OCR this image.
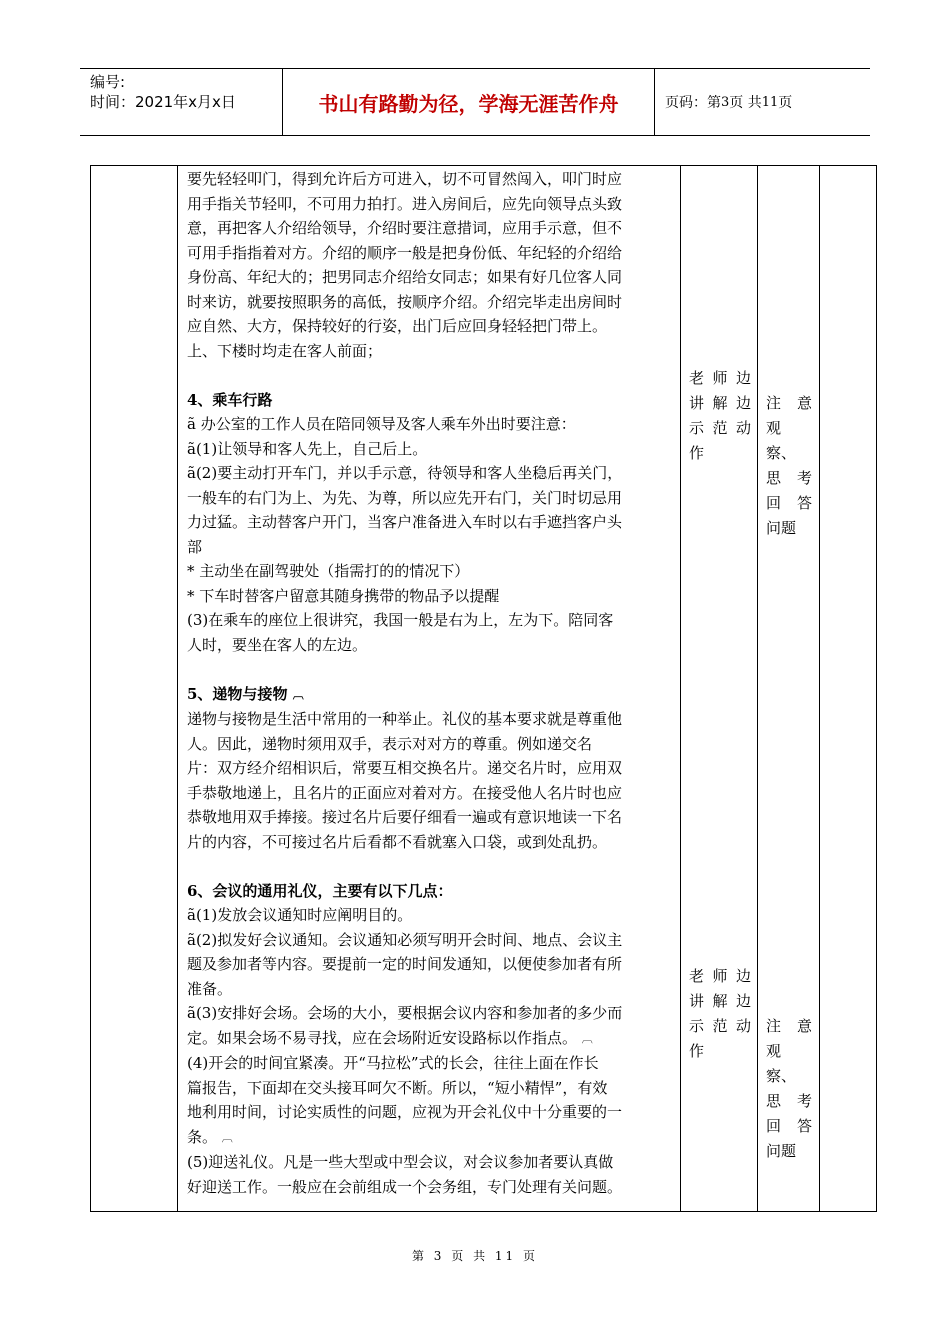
编号:
时间：2021年x月x日	书山有路勤为径，学海无涯苦作舟	页码：第 3 页 共 11 页

要先轻轻叩门，得到允许后方可进入，切不可冒然闯入，叩门时应

用手指关节轻叩，不可用力拍打。进入房间后，应先向领导点头致

意，再把客人介绍给领导，介绍时要注意措词，应用手示意，但不

可用手指指着对方。介绍的顺序一般是把身份低、年纪轻的介绍给

身份高、年纪大的；把男同志介绍给女同志；如果有好几位客人同

时来访，就要按照职务的高低，按顺序介绍。介绍完毕走出房间时

应自然、大方，保持较好的行姿，出门后应回身轻轻把门带上。

上、下楼时均走在客人前面；

4、乘车行路

ã 办公室的工作人员在陪同领导及客人乘车外出时要注意：

ã(1)让领导和客人先上，自己后上。

ã(2)要主动打开车门，并以手示意，待领导和客人坐稳后再关门，

一般车的右门为上、为先、为尊，所以应先开右门，关门时切忌用

力过猛。主动替客户开门，当客户准备进入车时以右手遮挡客户头

部

* 主动坐在副驾驶处（指需打的的情况下）

* 下车时替客户留意其随身携带的物品予以提醒

(3)在乘车的座位上很讲究，我国一般是右为上，左为下。陪同客

人时，要坐在客人的左边。

5、递物与接物 ︹

递物与接物是生活中常用的一种举止。礼仪的基本要求就是尊重他

人。因此，递物时须用双手，表示对对方的尊重。例如递交名

片：双方经介绍相识后，常要互相交换名片。递交名片时，应用双

手恭敬地递上，且名片的正面应对着对方。在接受他人名片时也应

恭敬地用双手捧接。接过名片后要仔细看一遍或有意识地读一下名

片的内容，不可接过名片后看都不看就塞入口袋，或到处乱扔。

6、会议的通用礼仪，主要有以下几点：

ã(1)发放会议通知时应阐明目的。

ã(2)拟发好会议通知。会议通知必须写明开会时间、地点、会议主

题及参加者等内容。要提前一定的时间发通知，以便使参加者有所

准备。

ã(3)安排好会场。会场的大小，要根据会议内容和参加者的多少而

定。如果会场不易寻找，应在会场附近安设路标以作指点。 ︹

(4)开会的时间宜紧凑。开“马拉松”式的长会，往往上面在作长

篇报告，下面却在交头接耳呵欠不断。所以，“短小精悍”，有效

地利用时间，讨论实质性的问题，应视为开会礼仪中十分重要的一

条。 ︹

(5)迎送礼仪。凡是一些大型或中型会议，对会议参加者要认真做

好迎送工作。一般应在会前组成一个会务组，专门处理有关问题。

老师边
讲解边
示范动
作
注 意
观
察、
思 考
回 答
问题
老师边
讲解边
示范动
作
注 意
观
察、
思 考
回 答
问题
第 3 页 共 11 页
